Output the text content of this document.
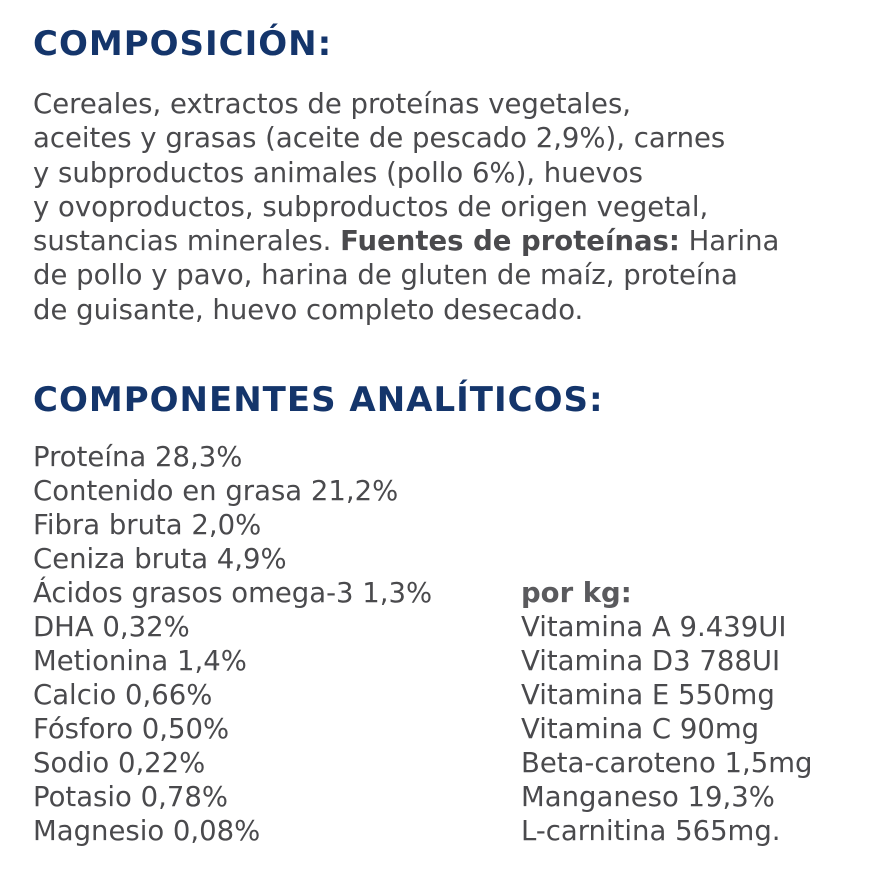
COMPOSICIÓN:

Cereales, extractos de proteínas vegetales,
aceites y grasas (aceite de pescado 2,9%), carnes
y subproductos animales (pollo 6%), huevos
y ovoproductos, subproductos de origen vegetal,
sustancias minerales. Fuentes de proteínas: Harina
de pollo y pavo, harina de gluten de maíz, proteína
de guisante, huevo completo desecado.

COMPONENTES ANALÍTICOS:
Proteína 28,3%
Contenido en grasa 21,2%
Fibra bruta 2,0%
Ceniza bruta 4,9%
Ácidos grasos omega-3 1,3%
DHA 0,32%
Metionina 1,4%
Calcio 0,66%
Fósforo 0,50%
Sodio 0,22%
Potasio 0,78%
Magnesio 0,08%
por kg:
Vitamina A 9.439UI
Vitamina D3 788UI
Vitamina E 550mg
Vitamina C 90mg
Beta-caroteno 1,5mg
Manganeso 19,3%
L-carnitina 565mg.
